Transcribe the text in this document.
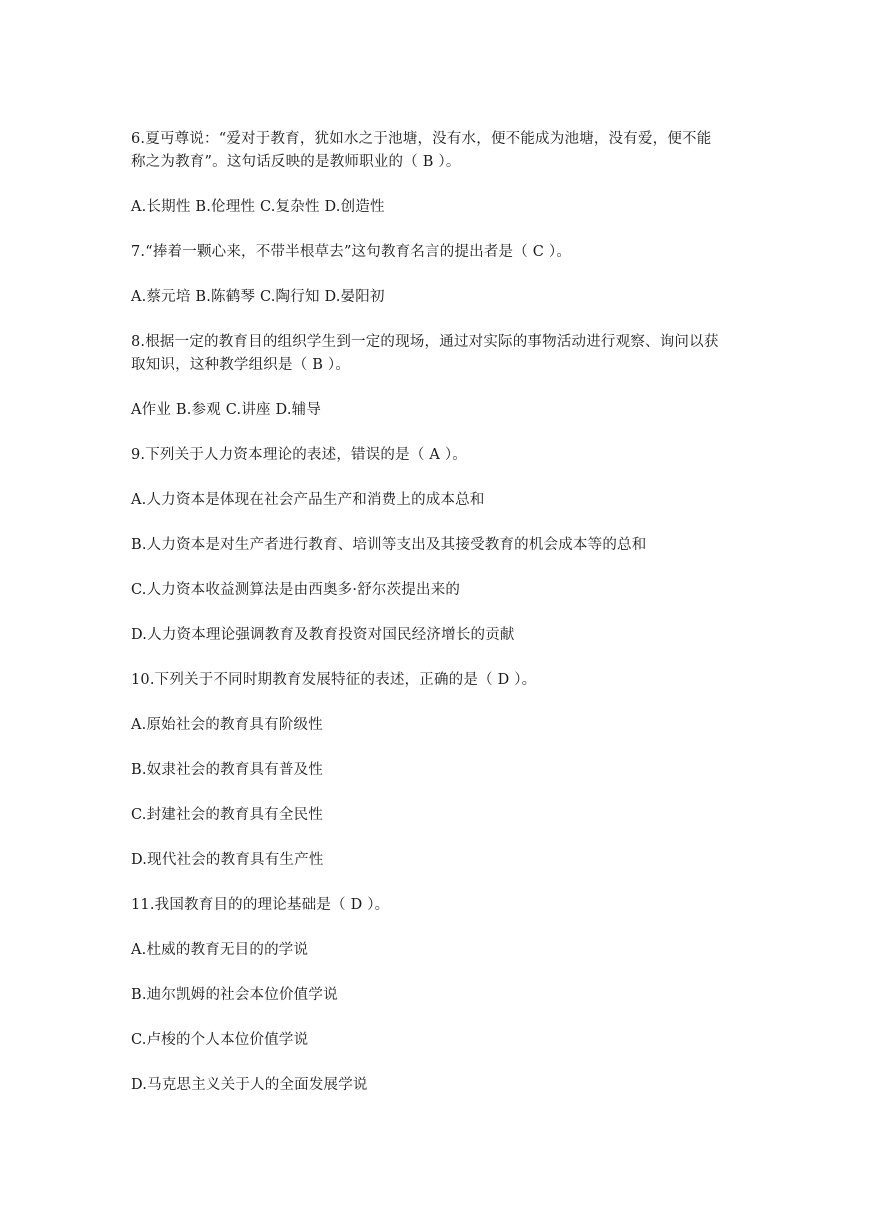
6.夏丏尊说：“爱对于教育，犹如水之于池塘，没有水，便不能成为池塘，没有爱，便不能

称之为教育”。这句话反映的是教师职业的（ B ）。

A.长期性 B.伦理性 C.复杂性 D.创造性

7.“捧着一颗心来，不带半根草去”这句教育名言的提出者是（ C ）。

A.蔡元培 B.陈鹤琴 C.陶行知 D.晏阳初

8.根据一定的教育目的组织学生到一定的现场，通过对实际的事物活动进行观察、询问以获

取知识，这种教学组织是（ B ）。

A作业 B.参观 C.讲座 D.辅导

9.下列关于人力资本理论的表述，错误的是（ A ）。

A.人力资本是体现在社会产品生产和消费上的成本总和

B.人力资本是对生产者进行教育、培训等支出及其接受教育的机会成本等的总和

C.人力资本收益测算法是由西奥多·舒尔茨提出来的

D.人力资本理论强调教育及教育投资对国民经济增长的贡献

10.下列关于不同时期教育发展特征的表述，正确的是（ D ）。

A.原始社会的教育具有阶级性

B.奴隶社会的教育具有普及性

C.封建社会的教育具有全民性

D.现代社会的教育具有生产性

11.我国教育目的的理论基础是（ D ）。

A.杜威的教育无目的的学说

B.迪尔凯姆的社会本位价值学说

C.卢梭的个人本位价值学说

D.马克思主义关于人的全面发展学说
